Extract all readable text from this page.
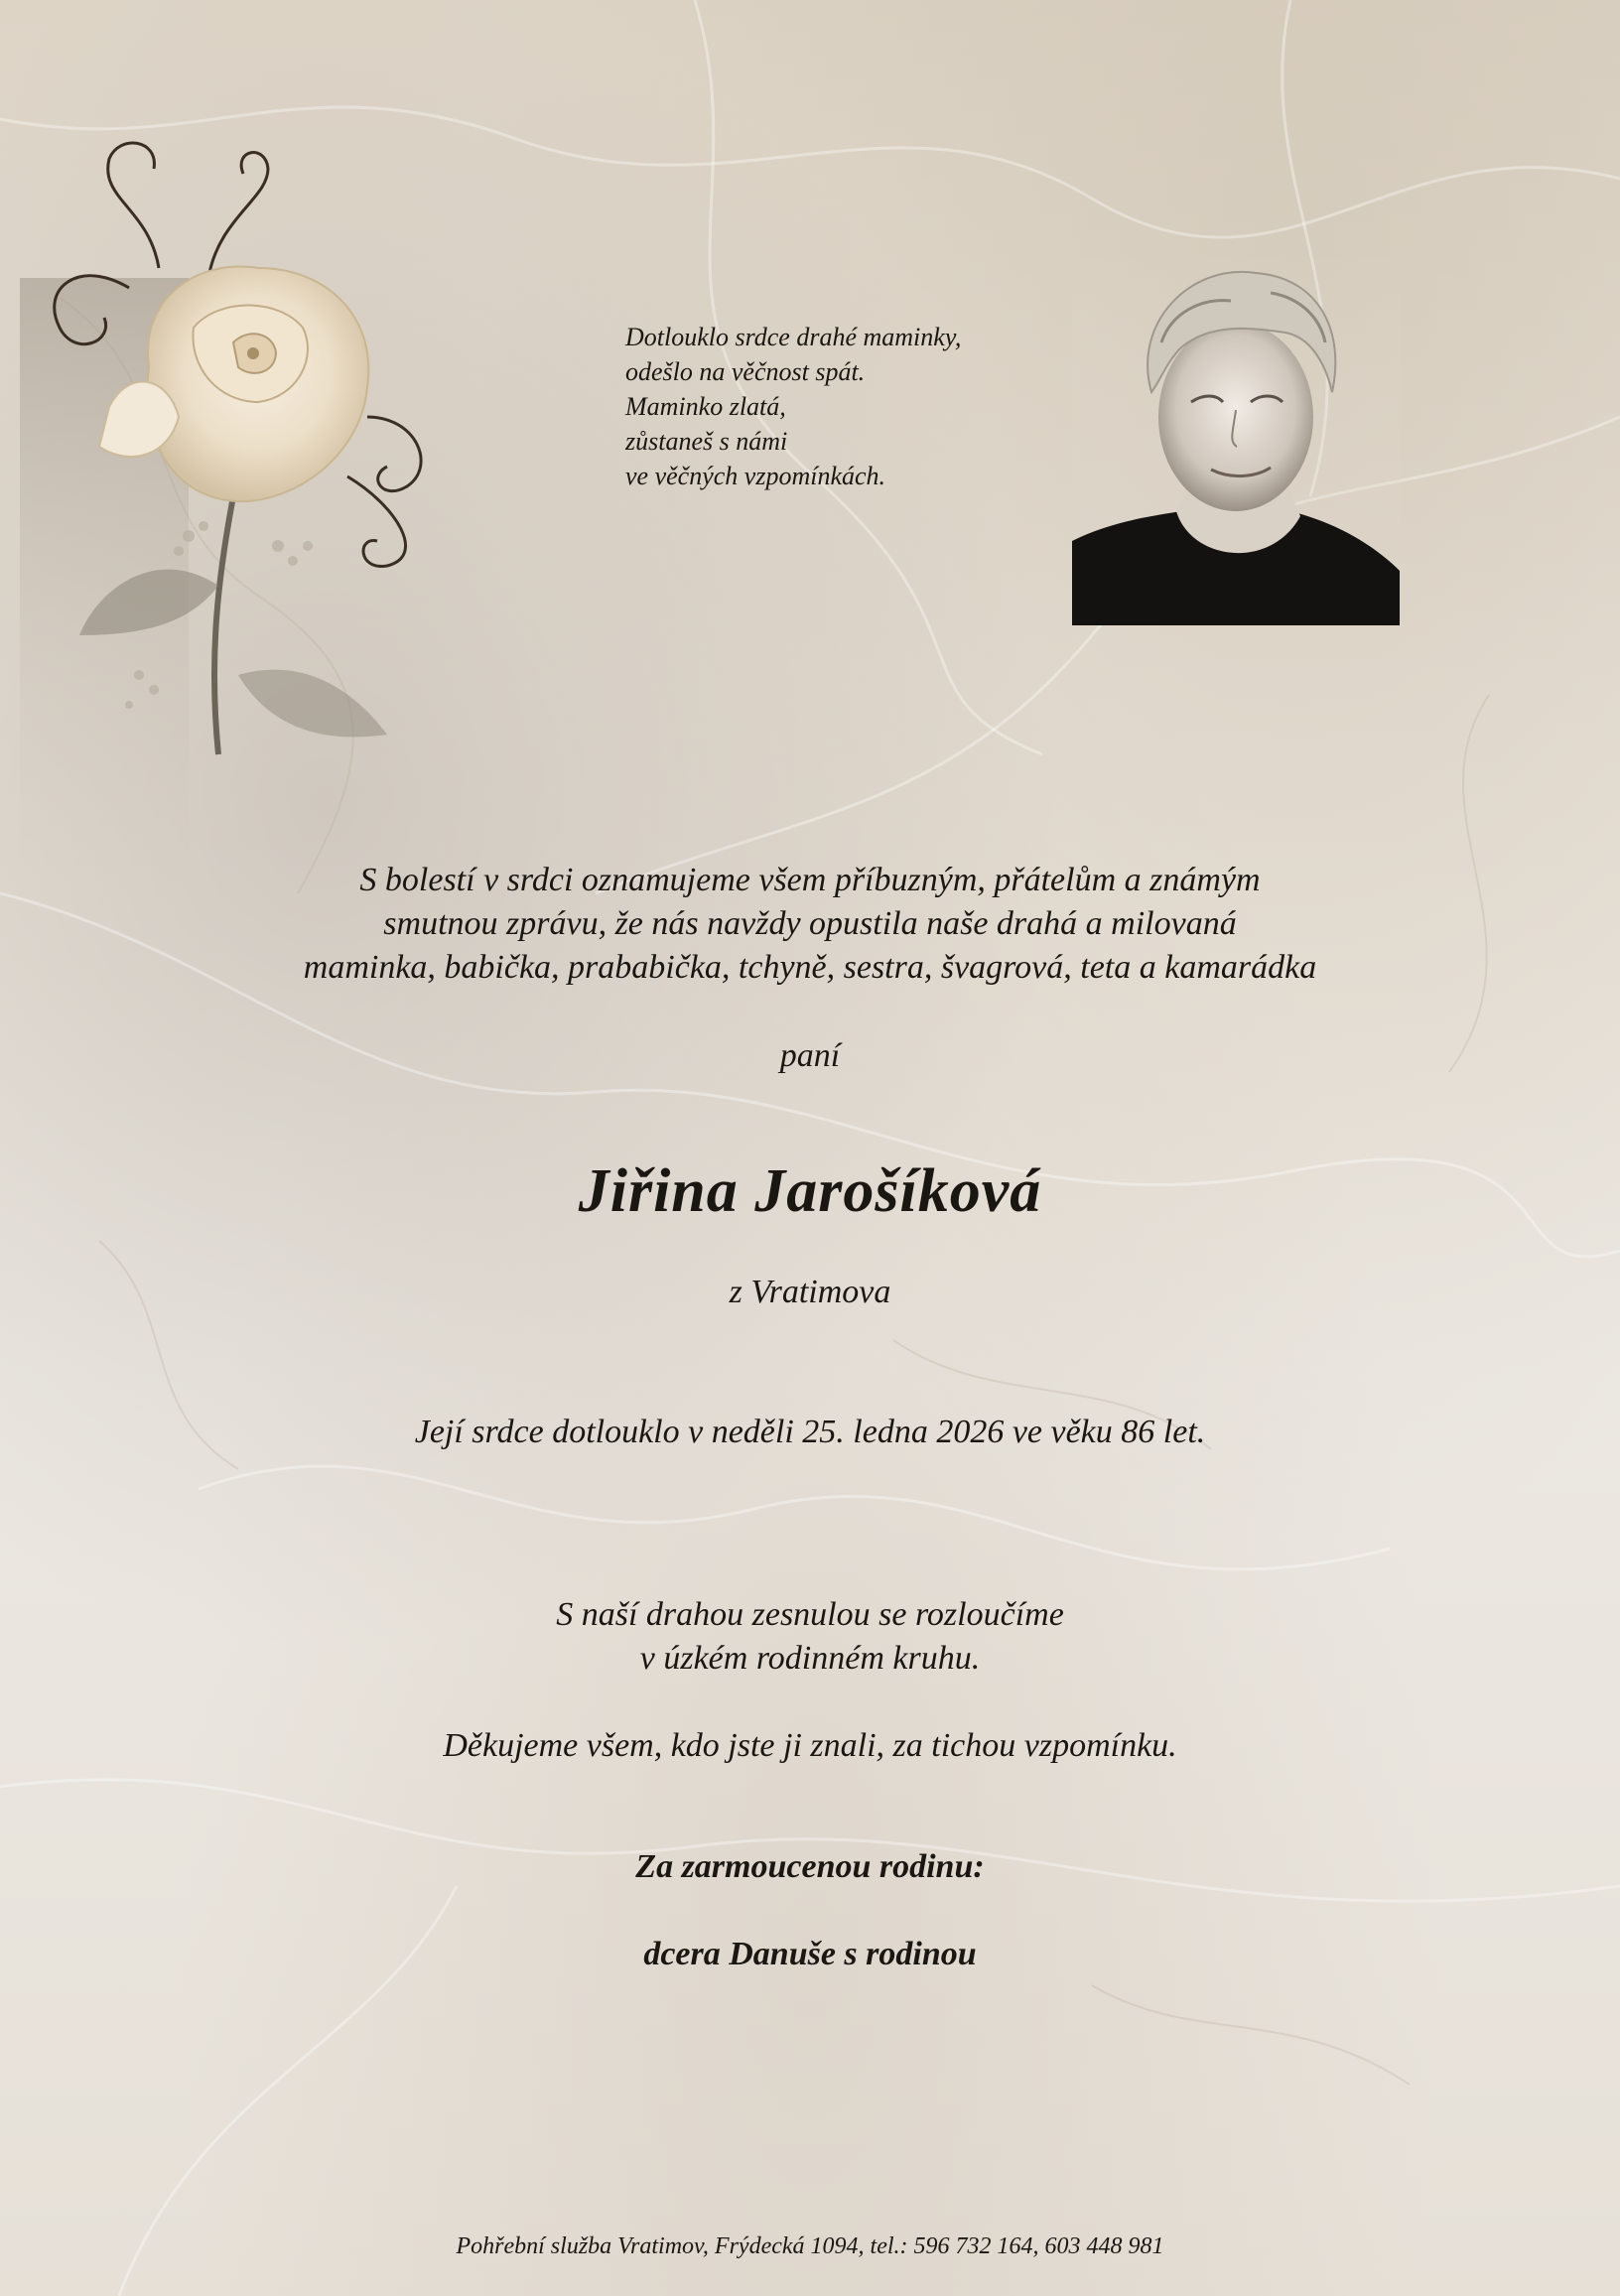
Dotlouklo srdce drahé maminky,
odešlo na věčnost spát.
Maminko zlatá,
zůstaneš s námi
ve věčných vzpomínkách.
S bolestí v srdci oznamujeme všem příbuzným, přátelům a známým
smutnou zprávu, že nás navždy opustila naše drahá a milovaná
maminka, babička, prababička, tchyně, sestra, švagrová, teta a kamarádka
paní
Jiřina Jarošíková
z Vratimova
Její srdce dotlouklo v neděli 25. ledna 2026 ve věku 86 let.
S naší drahou zesnulou se rozloučíme
v úzkém rodinném kruhu.
Děkujeme všem, kdo jste ji znali, za tichou vzpomínku.
Za zarmoucenou rodinu:
dcera Danuše s rodinou
Pohřební služba Vratimov, Frýdecká 1094, tel.: 596 732 164, 603 448 981
